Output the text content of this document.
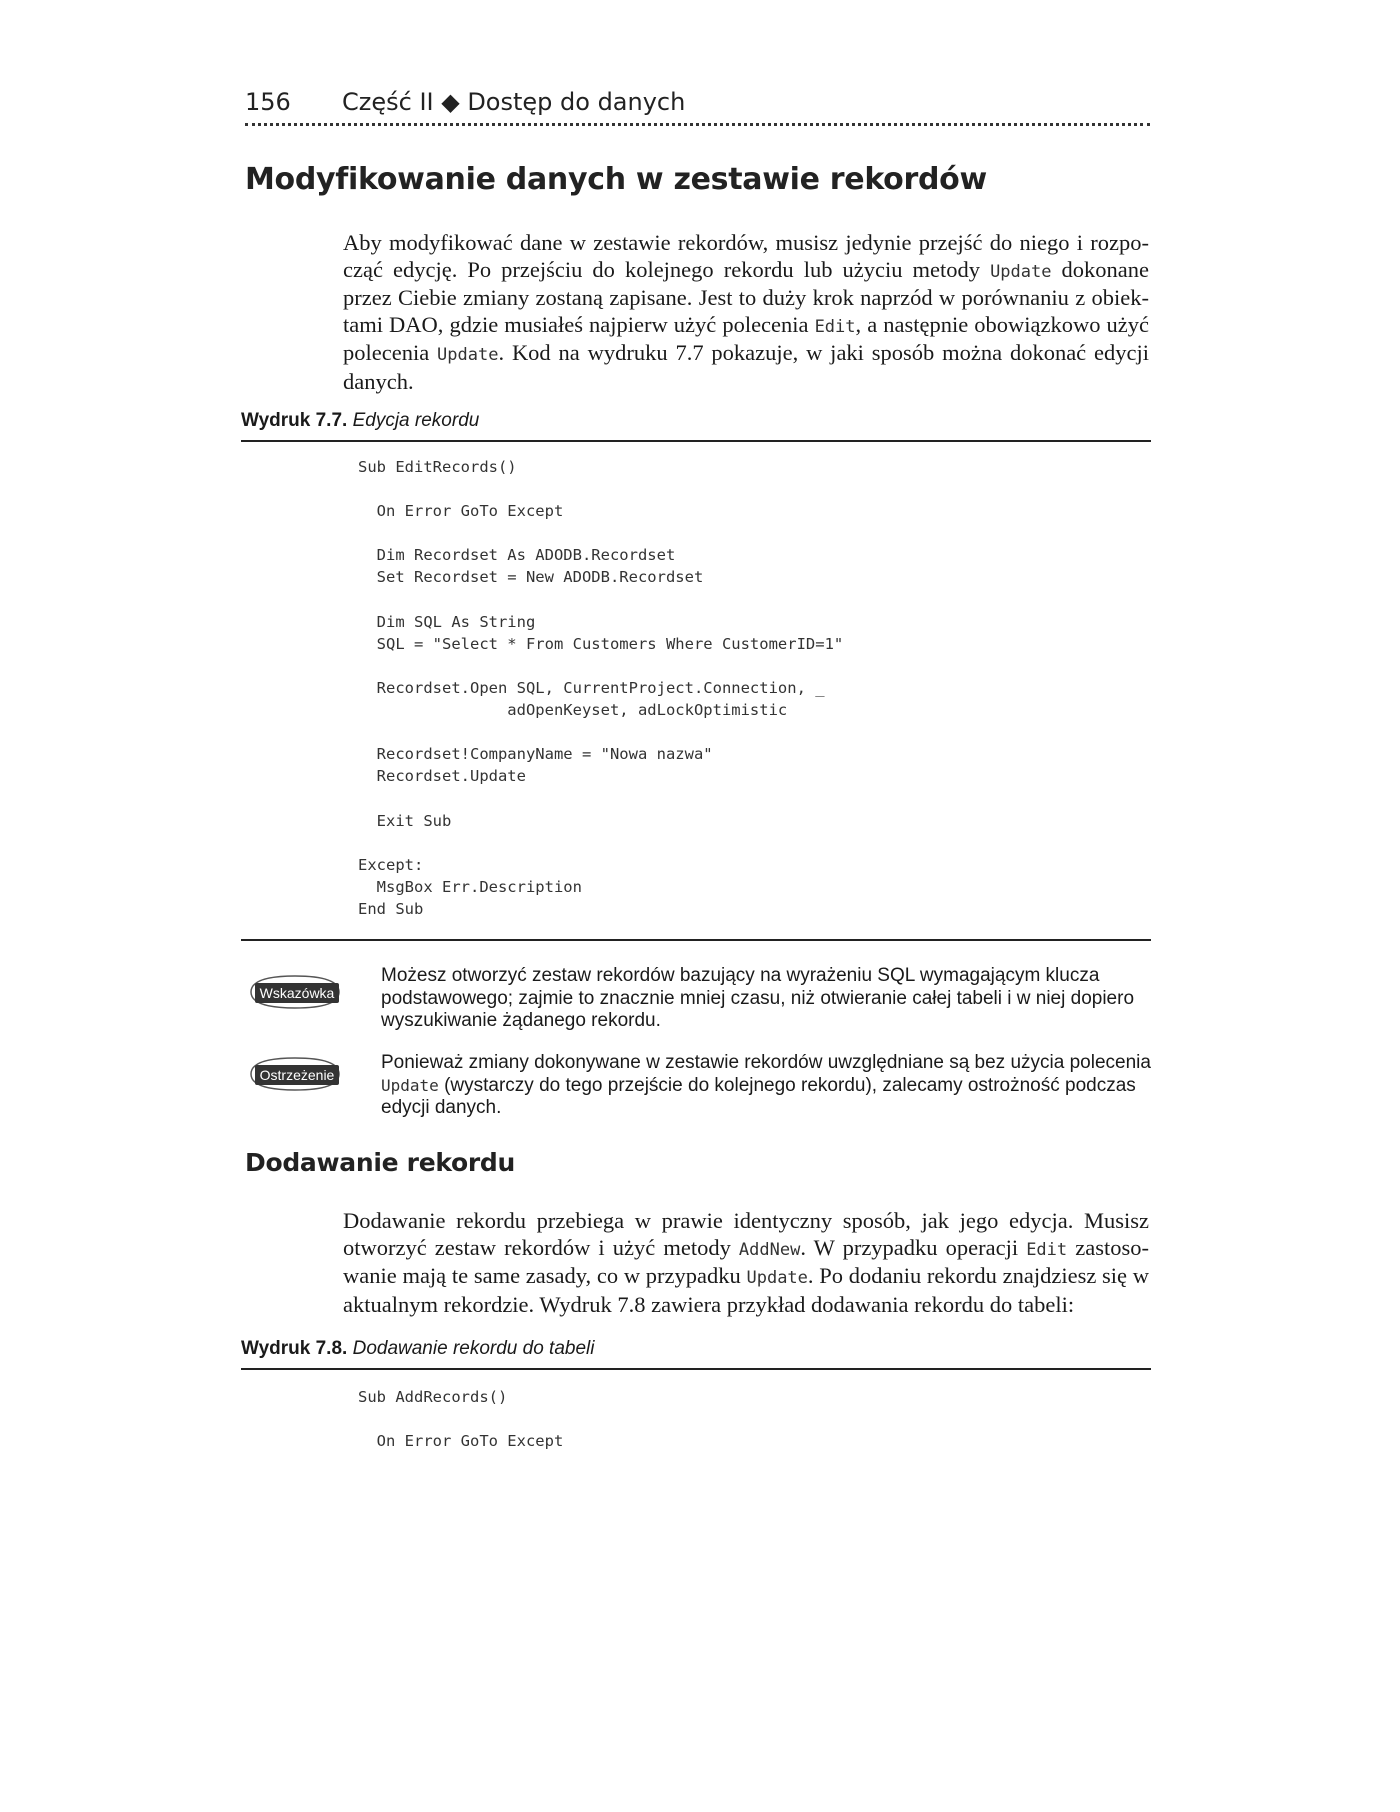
156 Część II ◆ Dostęp do danych
Modyfikowanie danych w zestawie rekordów

Aby modyfikować dane w zestawie rekordów, musisz jedynie przejść do niego i rozpocząć edycję. Po przejściu do kolejnego rekordu lub użyciu metody Update dokonane przez Ciebie zmiany zostaną zapisane. Jest to duży krok naprzód w porównaniu z obiektami DAO, gdzie musiałeś najpierw użyć polecenia Edit, a następnie obowiązkowo użyć polecenia Update. Kod na wydruku 7.7 pokazuje, w jaki sposób można dokonać edycji danych.

Wydruk 7.7. Edycja rekordu
Sub EditRecords()
On Error GoTo Except
Dim Recordset As ADODB.Recordset
Set Recordset = New ADODB.Recordset
Dim SQL As String
SQL = "Select * From Customers Where CustomerID=1"
Recordset.Open SQL, CurrentProject.Connection, _
adOpenKeyset, adLockOptimistic
Recordset!CompanyName = "Nowa nazwa"
Recordset.Update
Exit Sub
Except:
MsgBox Err.Description
End Sub
Wskazówka

Możesz otworzyć zestaw rekordów bazujący na wyrażeniu SQL wymagającym klucza podstawowego; zajmie to znacznie mniej czasu, niż otwieranie całej tabeli i w niej dopiero wyszukiwanie żądanego rekordu.

Ostrzeżenie

Ponieważ zmiany dokonywane w zestawie rekordów uwzględniane są bez użycia polecenia Update (wystarczy do tego przejście do kolejnego rekordu), zalecamy ostrożność podczas edycji danych.

Dodawanie rekordu

Dodawanie rekordu przebiega w prawie identyczny sposób, jak jego edycja. Musisz otworzyć zestaw rekordów i użyć metody AddNew. W przypadku operacji Edit zastosowanie mają te same zasady, co w przypadku Update. Po dodaniu rekordu znajdziesz się w aktualnym rekordzie. Wydruk 7.8 zawiera przykład dodawania rekordu do tabeli:

Wydruk 7.8. Dodawanie rekordu do tabeli
Sub AddRecords()
On Error GoTo Except
